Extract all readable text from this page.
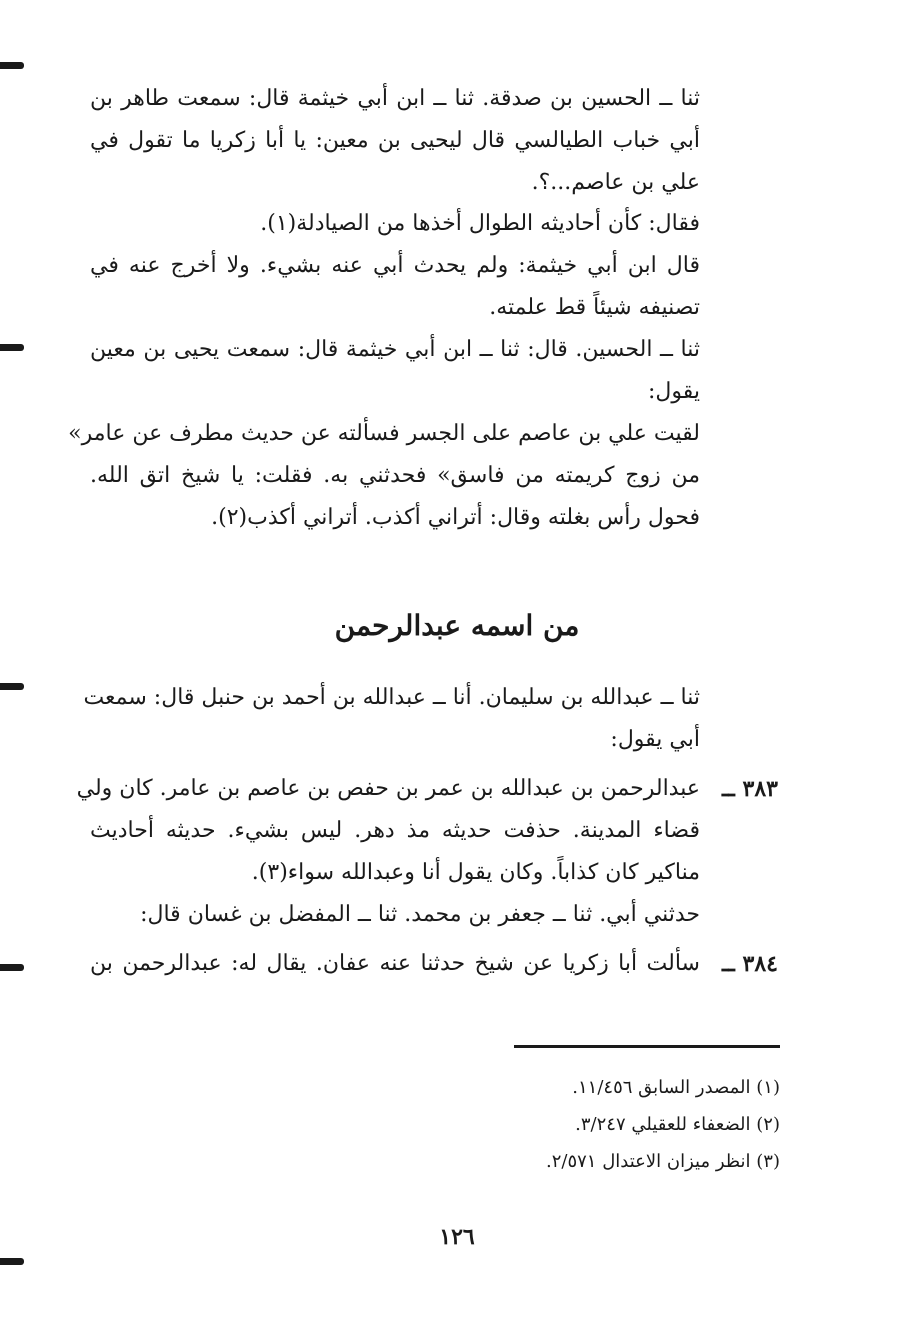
ثنا ــ الحسين بن صدقة. ثنا ــ ابن أبي خيثمة قال: سمعت طاهر بن
أبي خباب الطيالسي قال ليحيى بن معين: يا أبا زكريا ما تقول في
علي بن عاصم...؟.
فقال: كأن أحاديثه الطوال أخذها من الصيادلة(١).
قال ابن أبي خيثمة: ولم يحدث أبي عنه بشيء. ولا أخرج عنه في
تصنيفه شيئاً قط علمته.
ثنا ــ الحسين. قال: ثنا ــ ابن أبي خيثمة قال: سمعت يحيى بن معين
يقول:
لقيت علي بن عاصم على الجسر فسألته عن حديث مطرف عن عامر»
من زوج كريمته من فاسق» فحدثني به. فقلت: يا شيخ اتق الله.
فحول رأس بغلته وقال: أتراني أكذب. أتراني أكذب(٢).
من اسمه عبدالرحمن
ثنا ــ عبدالله بن سليمان. أنا ــ عبدالله بن أحمد بن حنبل قال: سمعت
أبي يقول:
٣٨٣ ــ
عبدالرحمن بن عبدالله بن عمر بن حفص بن عاصم بن عامر. كان ولي
قضاء المدينة. حذفت حديثه مذ دهر. ليس بشيء. حديثه أحاديث
مناكير كان كذاباً. وكان يقول أنا وعبدالله سواء(٣).
حدثني أبي. ثنا ــ جعفر بن محمد. ثنا ــ المفضل بن غسان قال:
٣٨٤ ــ
سألت أبا زكريا عن شيخ حدثنا عنه عفان. يقال له: عبدالرحمن بن
(١) المصدر السابق ١١/٤٥٦.
(٢) الضعفاء للعقيلي ٣/٢٤٧.
(٣) انظر ميزان الاعتدال ٢/٥٧١.
١٢٦
